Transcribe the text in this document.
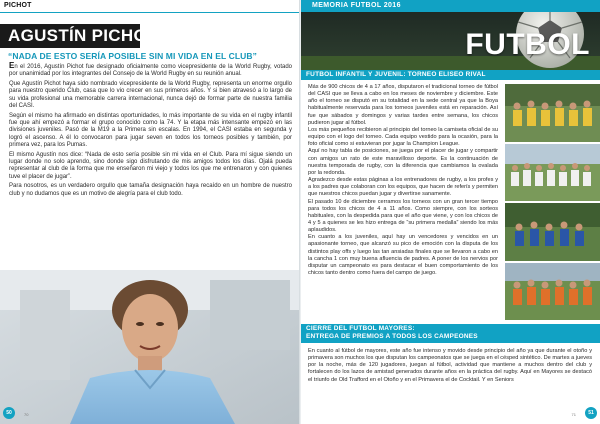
PICHOT
AGUSTÍN PICHOT
“NADA DE ESTO SERÍA POSIBLE SIN MI VIDA EN EL CLUB”

En el 2016, Agustín Pichot fue designado oficialmente como vicepresidente de la World Rugby, votado por unanimidad por los integrantes del Consejo de la World Rugby en su reunión anual.

Que Agustín Pichot haya sido nombrado vicepresidente de la World Rugby, representa un enorme orgullo para nuestro querido Club, casa que lo vio crecer en sus primeros años. Y si bien atravesó a lo largo de su vida profesional una memorable carrera internacional, nunca dejó de formar parte de nuestra familia del CASI.

Según el mismo ha afirmado en distintas oportunidades, lo más importante de su vida en el rugby infantil fue que ahí empezó a formar el grupo conocido como la 74. Y la etapa más intensante empezó en las divisiones juveniles. Pasó de la M19 a la Primera sin escalas. En 1994, el CASI estaba en segunda y logró el ascenso. A él lo convocaron para jugar seven en todos los torneos posibles y también, por primera vez, para los Pumas.

El mismo Agustín nos dice: “Nada de esto sería posible sin mi vida en el Club. Para mí sigue siendo un lugar donde no solo aprendo, sino donde sigo disfrutando de mis amigos todos los días. Ojalá pueda representar al club de la forma que me enseñaron mi viejo y todos los que me entrenaron y con quienes tuve el placer de jugar”.

Para nosotros, es un verdadero orgullo que tamaña designación haya recaído en un hombre de nuestro club y no dudamos que es un motivo de alegría para el club todo.

50	70
MEMORIA FUTBOL 2016
FUTBOL
FUTBOL INFANTIL Y JUVENIL: TORNEO ELISEO RIVAL

Más de 900 chicos de 4 a 17 años, disputaron el tradicional torneo de fútbol del CASI que se lleva a cabo en los meses de noviembre y diciembre. Este año el torneo se disputó en su totalidad en la sede central ya que la Boya habitualmente reservada para los torneos juveniles está en reparación. Así fue que sábados y domingos y varias tardes entre semana, los chicos pudieron jugar al fútbol.

Los más pequeños recibieron al principio del torneo la camiseta oficial de su equipo con el logo del torneo. Cada equipo vestido para la ocasión, para la foto oficial como si estuvieran por jugar la Champion League.

Aquí no hay tabla de posiciones, se juega por el placer de jugar y compartir con amigos un rato de este maravilloso deporte. Es la continuación de nuestra temporada de rugby, con la diferencia que cambiamos la ovalada por la redonda.

Agradezco desde estas páginas a los entrenadores de rugby, a los profes y a los padres que colaboran con los equipos, que hacen de referís y permiten que nuestros chicos puedan jugar y divertirse sanamente.

El pasado 10 de diciembre cerramos los torneos con un gran tercer tiempo para todos los chicos de 4 a 11 años. Como siempre, con los sorteos habituales, con la despedida para que el año que viene, y con los chicos de 4 y 5 a quienes se les hizo entrega de “su primera medalla” siendo los más aplaudidos.

En cuanto a los juveniles, aquí hay un vencedores y vencidos en un apasionante torneo, que alcanzó su pico de emoción con la disputa de los distintos play offs y luego las tan ansiadas finales que se llevaron a cabo en la cancha 1 con muy buena afluencia de padres. A poner de los nervios por disputar un campeonato es para destacar el buen comportamiento de los chicos tanto dentro como fuera del campo de juego.

CIERRE DEL FUTBOL MAYORES:
ENTREGA DE PREMIOS A TODOS LOS CAMPEONES
En cuanto al fútbol de mayores, este año fue intenso y movido desde principio del año ya que durante el otoño y primavera son muchos los que disputan los campeonatos que se juega en el césped sintético. De martes a jueves por la noche, más de 120 jugadores, juegan al fútbol, actividad que mantiene a muchos dentro del club y fortalecen do los lazos de amistad generados durante años en la práctica del rugby. Aquí en Mayores se destacó el triunfo de Old Trafford en el Otoño y en el Primavera el de Cocktail. Y en Seniors
51
71
